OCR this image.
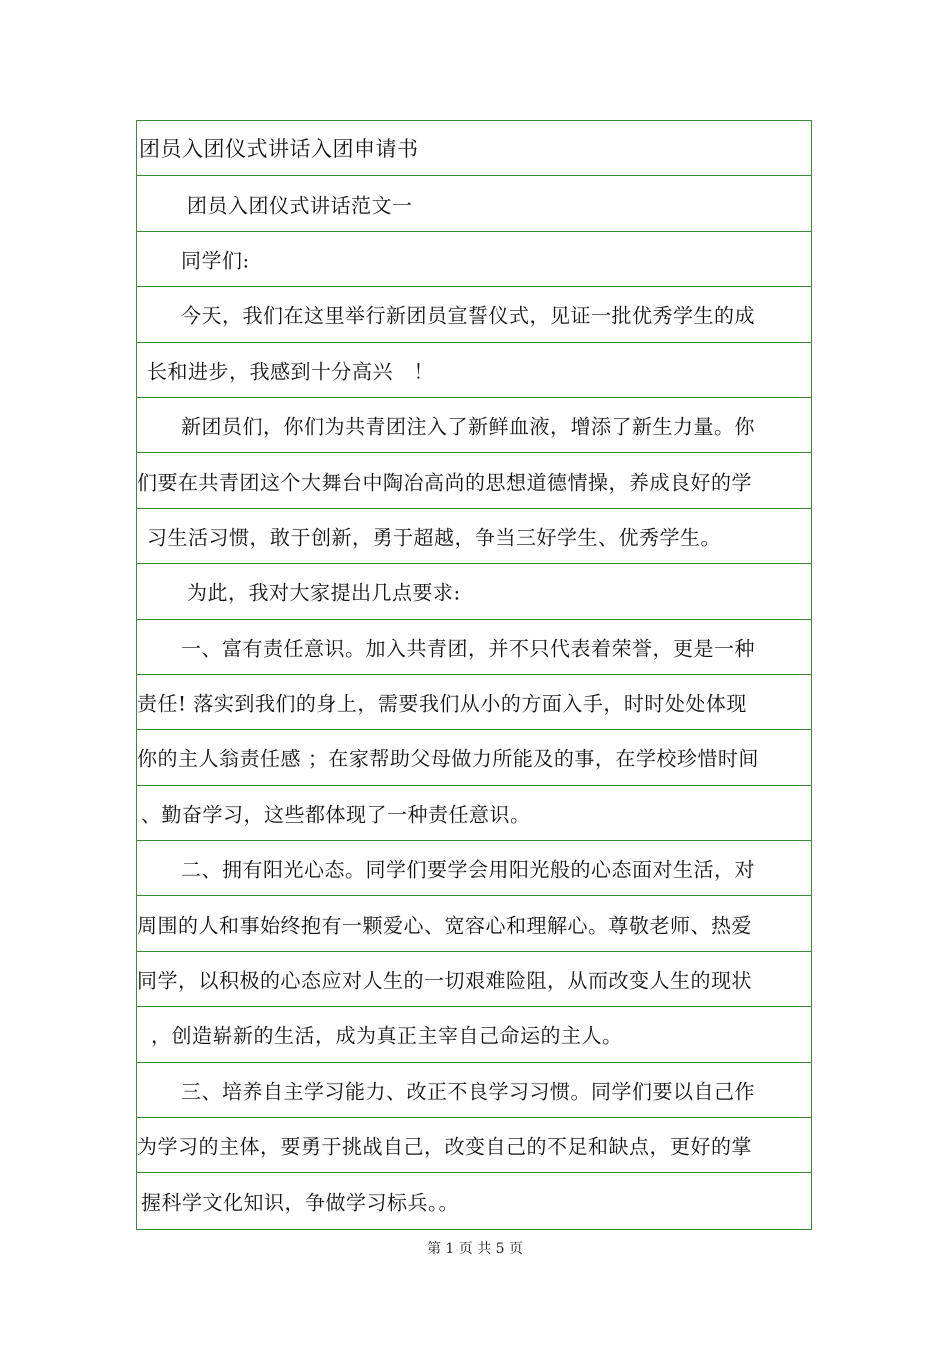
团员入团仪式讲话入团申请书
团员入团仪式讲话范文一
同学们:
今天，我们在这里举行新团员宣誓仪式，见证一批优秀学生的成
长和进步，我感到十分高兴　！
新团员们，你们为共青团注入了新鲜血液，增添了新生力量。你
们要在共青团这个大舞台中陶冶高尚的思想道德情操，养成良好的学
习生活习惯，敢于创新，勇于超越，争当三好学生、优秀学生。
为此，我对大家提出几点要求:
一、富有责任意识。加入共青团，并不只代表着荣誉，更是一种
责任! 落实到我们的身上，需要我们从小的方面入手，时时处处体现
你的主人翁责任感 ；在家帮助父母做力所能及的事，在学校珍惜时间
、勤奋学习，这些都体现了一种责任意识。
二、拥有阳光心态。同学们要学会用阳光般的心态面对生活，对
周围的人和事始终抱有一颗爱心、宽容心和理解心。尊敬老师、热爱
同学，以积极的心态应对人生的一切艰难险阻，从而改变人生的现状
，创造崭新的生活，成为真正主宰自己命运的主人。
三、培养自主学习能力、改正不良学习习惯。同学们要以自己作
为学习的主体，要勇于挑战自己，改变自己的不足和缺点，更好的掌
握科学文化知识，争做学习标兵。。
第 1 页 共 5 页
